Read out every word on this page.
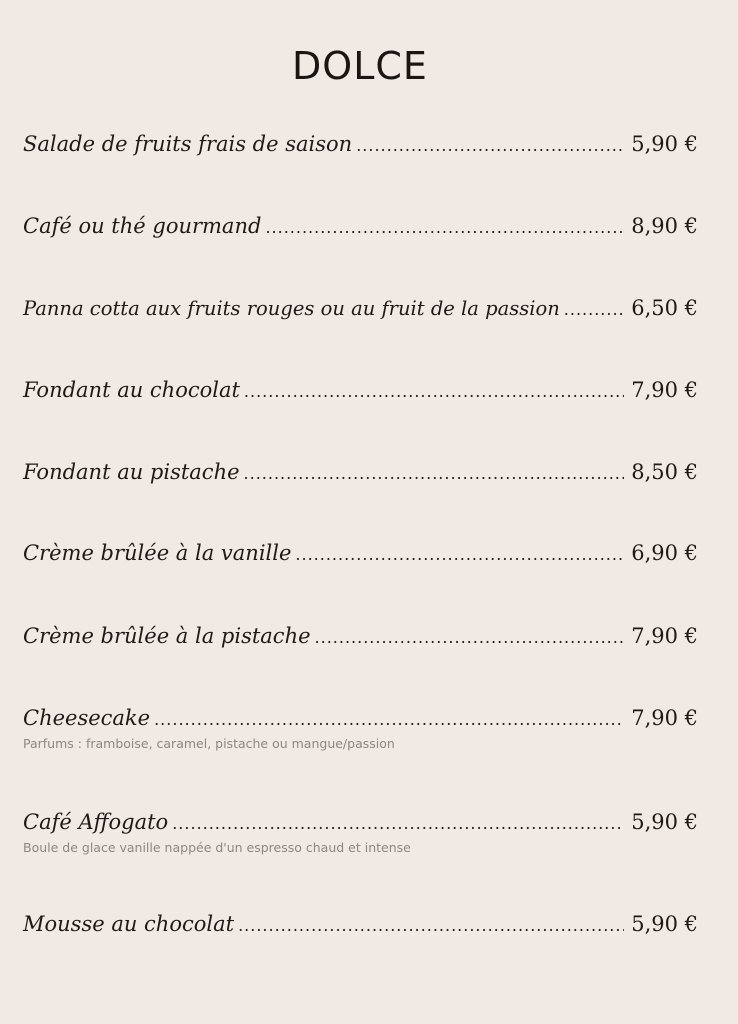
DOLCE
Salade de fruits frais de saison .....	5,90 €
Café ou thé gourmand .....	8,90 €
Panna cotta aux fruits rouges ou au fruit de la passion .....	6,50 €
Fondant au chocolat .....	7,90 €
Fondant au pistache .....	8,50 €
Crème brûlée à la vanille .....	6,90 €
Crème brûlée à la pistache .....	7,90 €
Cheesecake .....	7,90 €
Parfums : framboise, caramel, pistache ou mangue/passion
Café Affogato .....	5,90 €
Boule de glace vanille nappée d'un espresso chaud et intense
Mousse au chocolat .....	5,90 €
